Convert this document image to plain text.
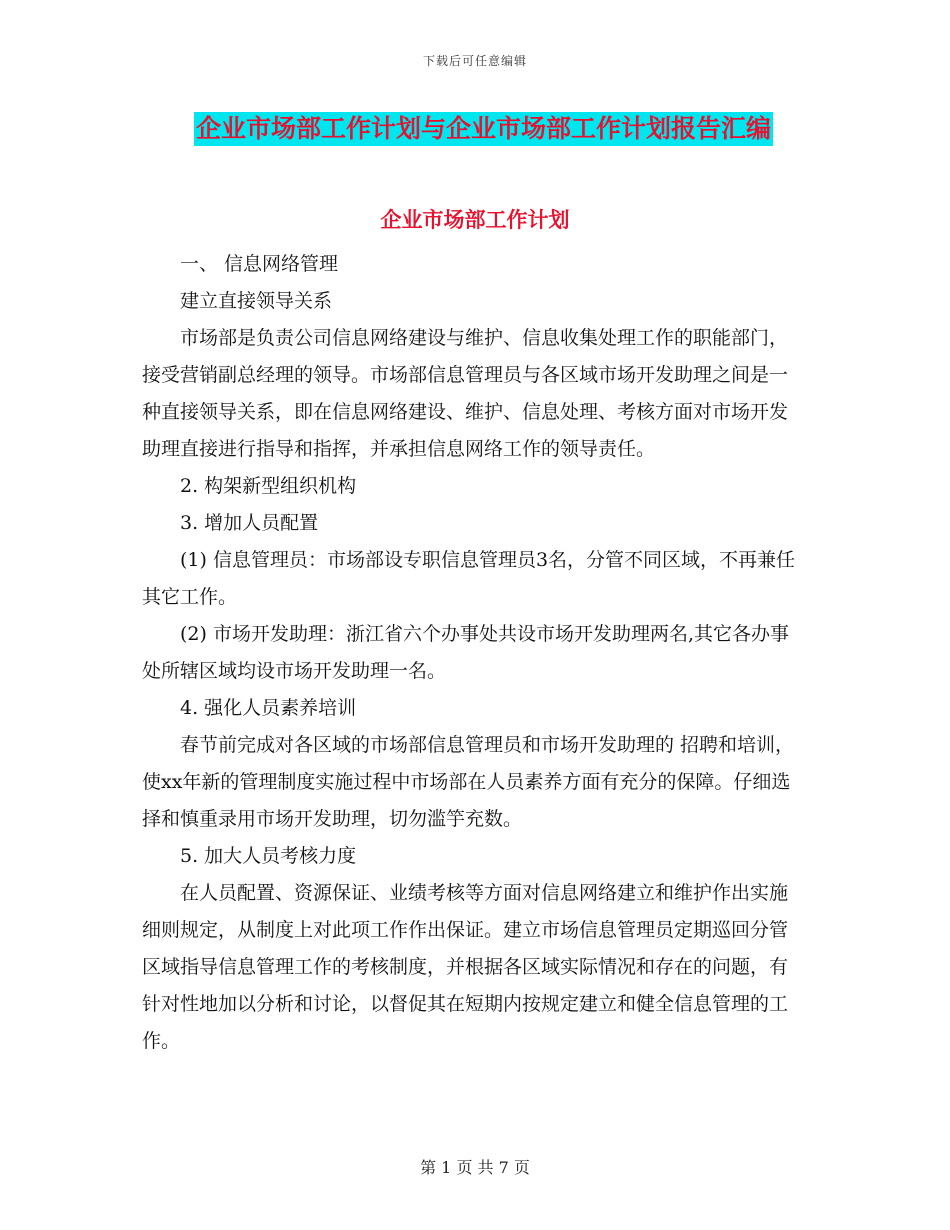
下载后可任意编辑
企业市场部工作计划与企业市场部工作计划报告汇编
企业市场部工作计划

一、 信息网络管理

建立直接领导关系

市场部是负责公司信息网络建设与维护、信息收集处理工作的职能部门，接受营销副总经理的领导。市场部信息管理员与各区域市场开发助理之间是一种直接领导关系，即在信息网络建设、维护、信息处理、考核方面对市场开发助理直接进行指导和指挥，并承担信息网络工作的领导责任。

2. 构架新型组织机构

3. 增加人员配置

(1) 信息管理员：市场部设专职信息管理员3名，分管不同区域，不再兼任其它工作。

(2) 市场开发助理：浙江省六个办事处共设市场开发助理两名,其它各办事处所辖区域均设市场开发助理一名。

4. 强化人员素养培训

春节前完成对各区域的市场部信息管理员和市场开发助理的 招聘和培训，使xx年新的管理制度实施过程中市场部在人员素养方面有充分的保障。仔细选择和慎重录用市场开发助理，切勿滥竽充数。

5. 加大人员考核力度

在人员配置、资源保证、业绩考核等方面对信息网络建立和维护作出实施细则规定，从制度上对此项工作作出保证。建立市场信息管理员定期巡回分管区域指导信息管理工作的考核制度，并根据各区域实际情况和存在的问题，有针对性地加以分析和讨论，以督促其在短期内按规定建立和健全信息管理的工作。

第 1 页 共 7 页
